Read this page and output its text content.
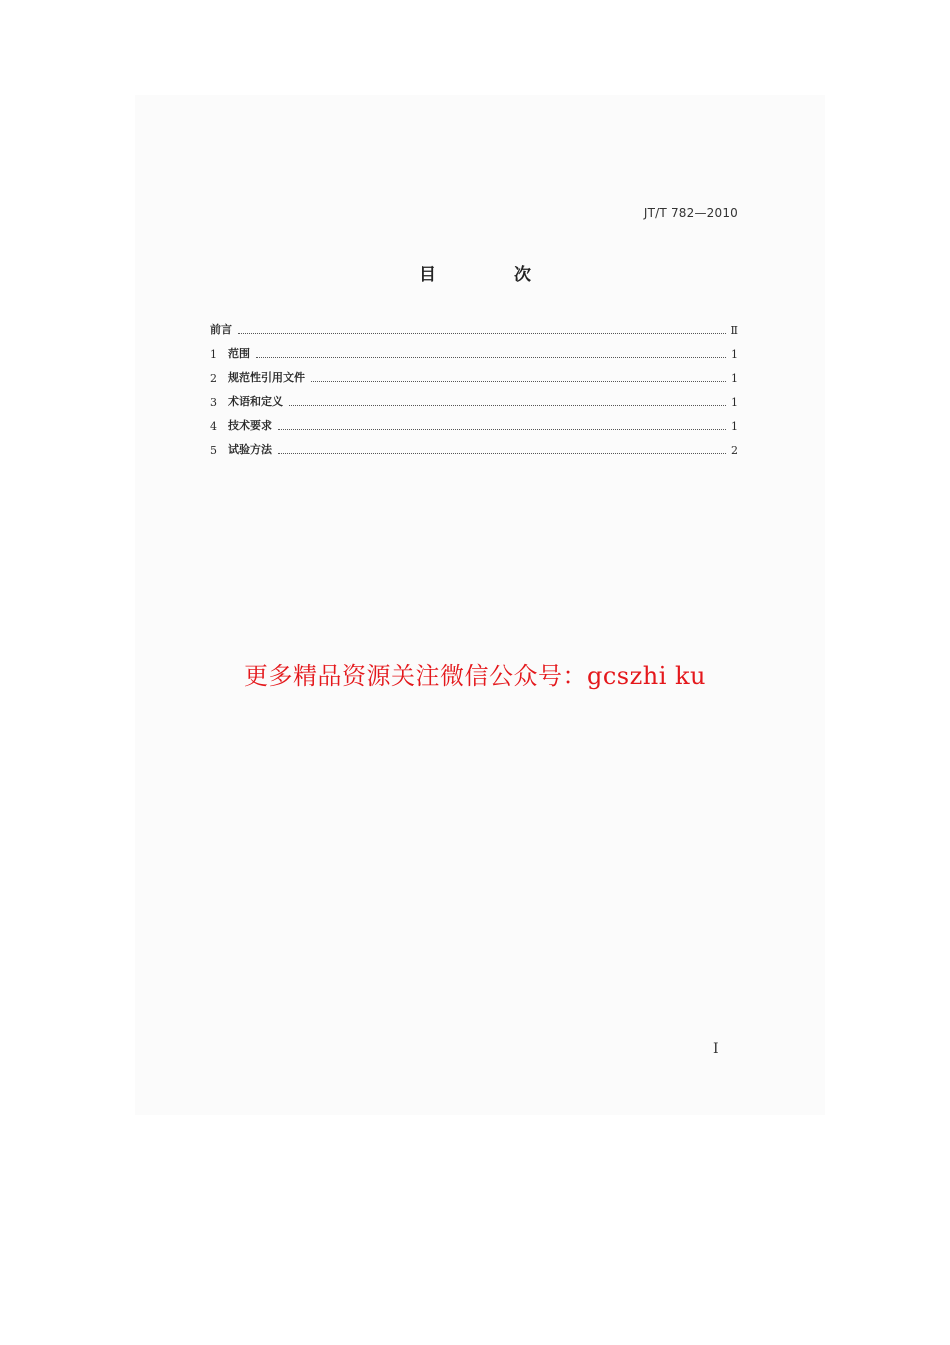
JT/T 782—2010
目 次
前言	Ⅱ
1	范围	1
2	规范性引用文件	1
3	术语和定义	1
4	技术要求	1
5	试验方法	2
更多精品资源关注微信公众号：gcszhi ku
I
